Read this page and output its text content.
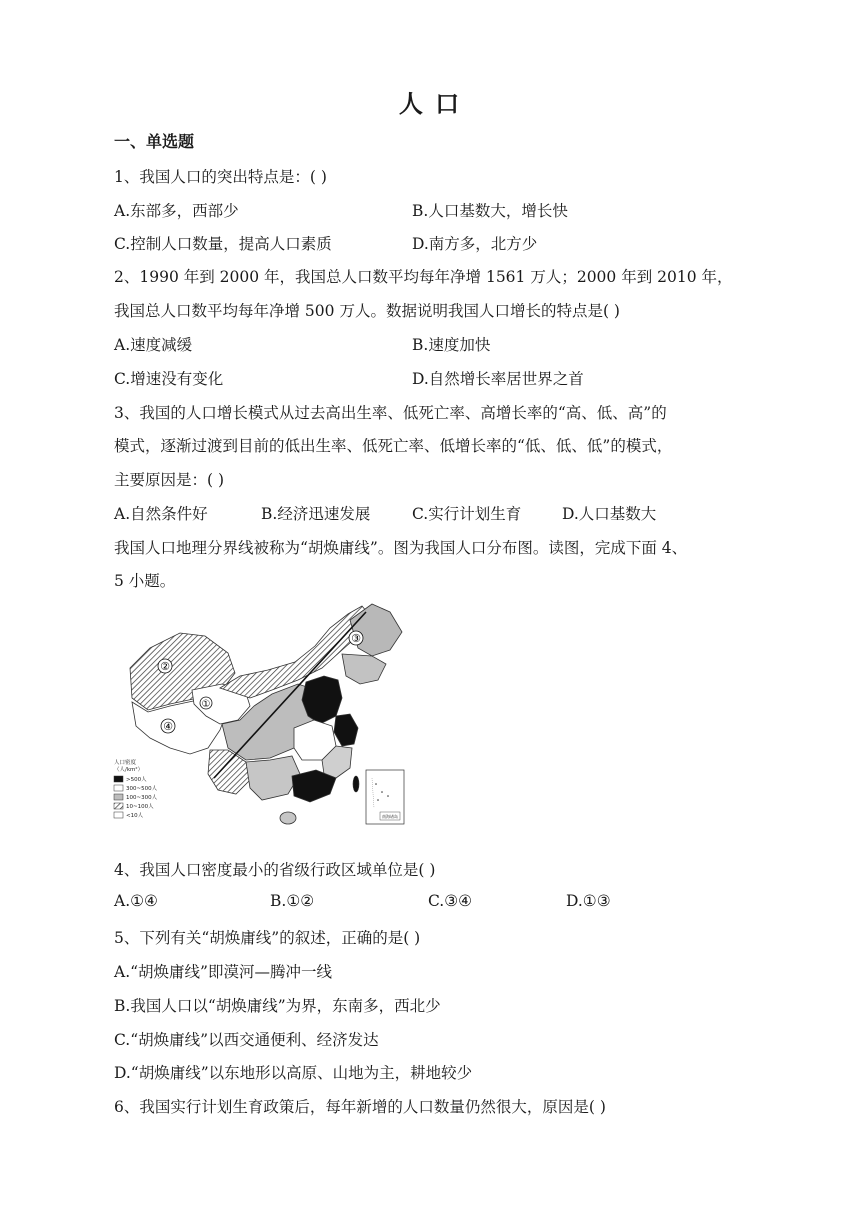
人 口
一、单选题
1、我国人口的突出特点是：( )
A.东部多，西部少	B.人口基数大，增长快
C.控制人口数量，提高人口素质	D.南方多，北方少
2、1990 年到 2000 年，我国总人口数平均每年净增 1561 万人；2000 年到 2010 年，
我国总人口数平均每年净增 500 万人。数据说明我国人口增长的特点是( )
A.速度减缓	B.速度加快
C.增速没有变化	D.自然增长率居世界之首
3、我国的人口增长模式从过去高出生率、低死亡率、高增长率的“高、低、高”的
模式，逐渐过渡到目前的低出生率、低死亡率、低增长率的“低、低、低”的模式，
主要原因是：( )
A.自然条件好	B.经济迅速发展	C.实行计划生育	D.人口基数大
我国人口地理分界线被称为“胡焕庸线”。图为我国人口分布图。读图，完成下面 4、
5 小题。
①
②
③
④
人口密度
（人/km²）
>500人
300~500人
100~300人
10~100人
<10人	南海诸岛
4、我国人口密度最小的省级行政区域单位是( )
A.①④	B.①②	C.③④	D.①③
5、下列有关“胡焕庸线”的叙述，正确的是( )
A.“胡焕庸线”即漠河—腾冲一线
B.我国人口以“胡焕庸线”为界，东南多，西北少
C.“胡焕庸线”以西交通便利、经济发达
D.“胡焕庸线”以东地形以高原、山地为主，耕地较少
6、我国实行计划生育政策后，每年新增的人口数量仍然很大，原因是( )
